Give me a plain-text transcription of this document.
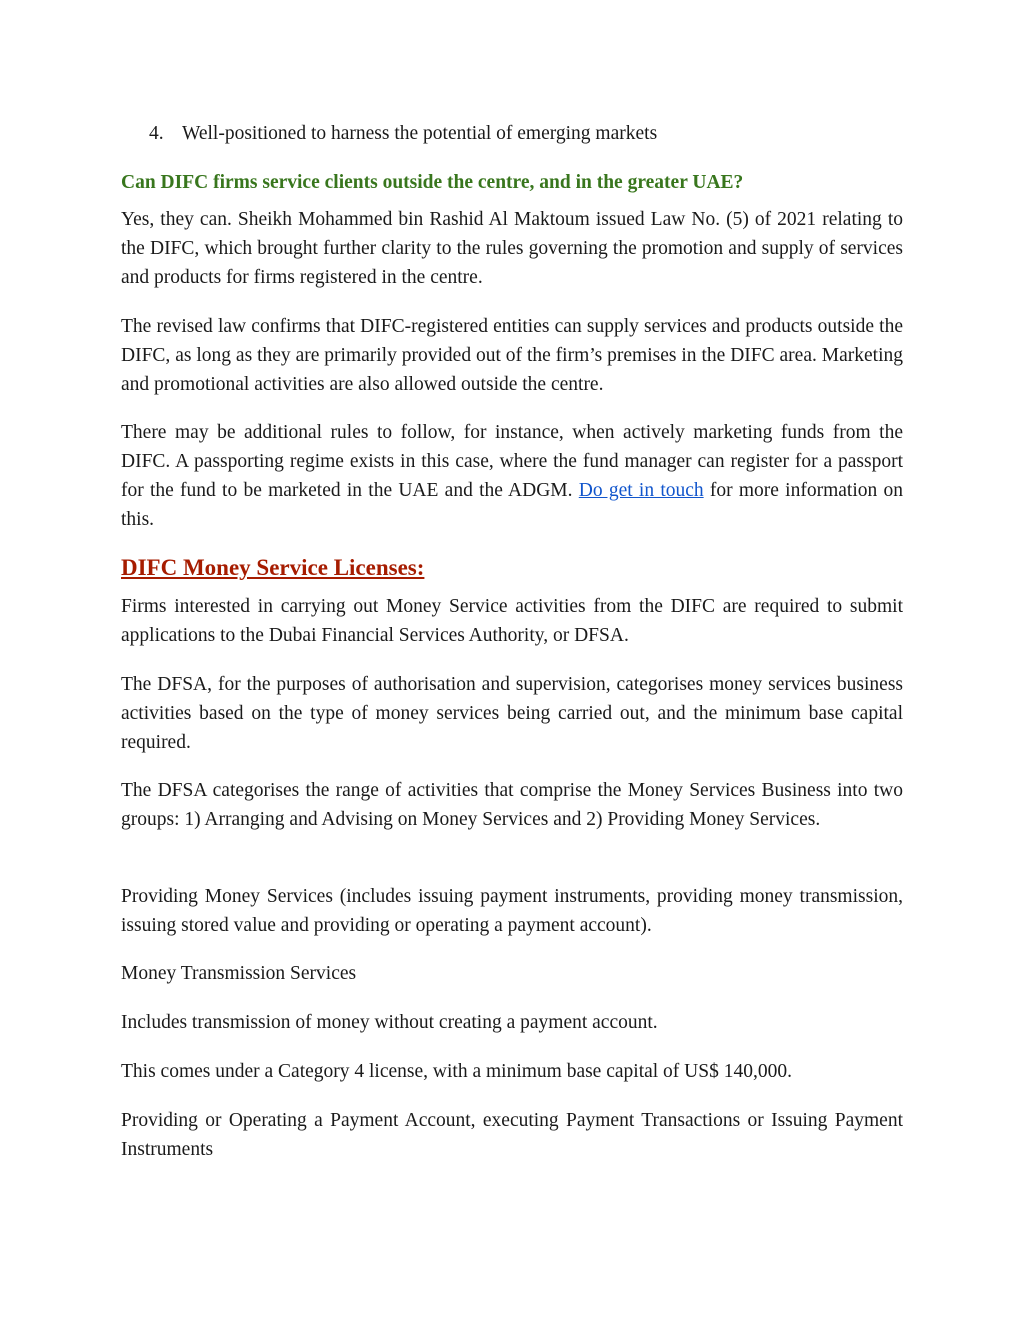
4. Well-positioned to harness the potential of emerging markets
Can DIFC firms service clients outside the centre, and in the greater UAE?

Yes, they can. Sheikh Mohammed bin Rashid Al Maktoum issued Law No. (5) of 2021 relating to the DIFC, which brought further clarity to the rules governing the promotion and supply of services and products for firms registered in the centre.

The revised law confirms that DIFC-registered entities can supply services and products outside the DIFC, as long as they are primarily provided out of the firm’s premises in the DIFC area. Marketing and promotional activities are also allowed outside the centre.

There may be additional rules to follow, for instance, when actively marketing funds from the DIFC. A passporting regime exists in this case, where the fund manager can register for a passport for the fund to be marketed in the UAE and the ADGM. Do get in touch for more information on this.

DIFC Money Service Licenses:

Firms interested in carrying out Money Service activities from the DIFC are required to submit applications to the Dubai Financial Services Authority, or DFSA.

The DFSA, for the purposes of authorisation and supervision, categorises money services business activities based on the type of money services being carried out, and the minimum base capital required.

The DFSA categorises the range of activities that comprise the Money Services Business into two groups: 1) Arranging and Advising on Money Services and 2) Providing Money Services.

Providing Money Services (includes issuing payment instruments, providing money transmission, issuing stored value and providing or operating a payment account).

Money Transmission Services

Includes transmission of money without creating a payment account.

This comes under a Category 4 license, with a minimum base capital of US$ 140,000.

Providing or Operating a Payment Account, executing Payment Transactions or Issuing Payment Instruments
